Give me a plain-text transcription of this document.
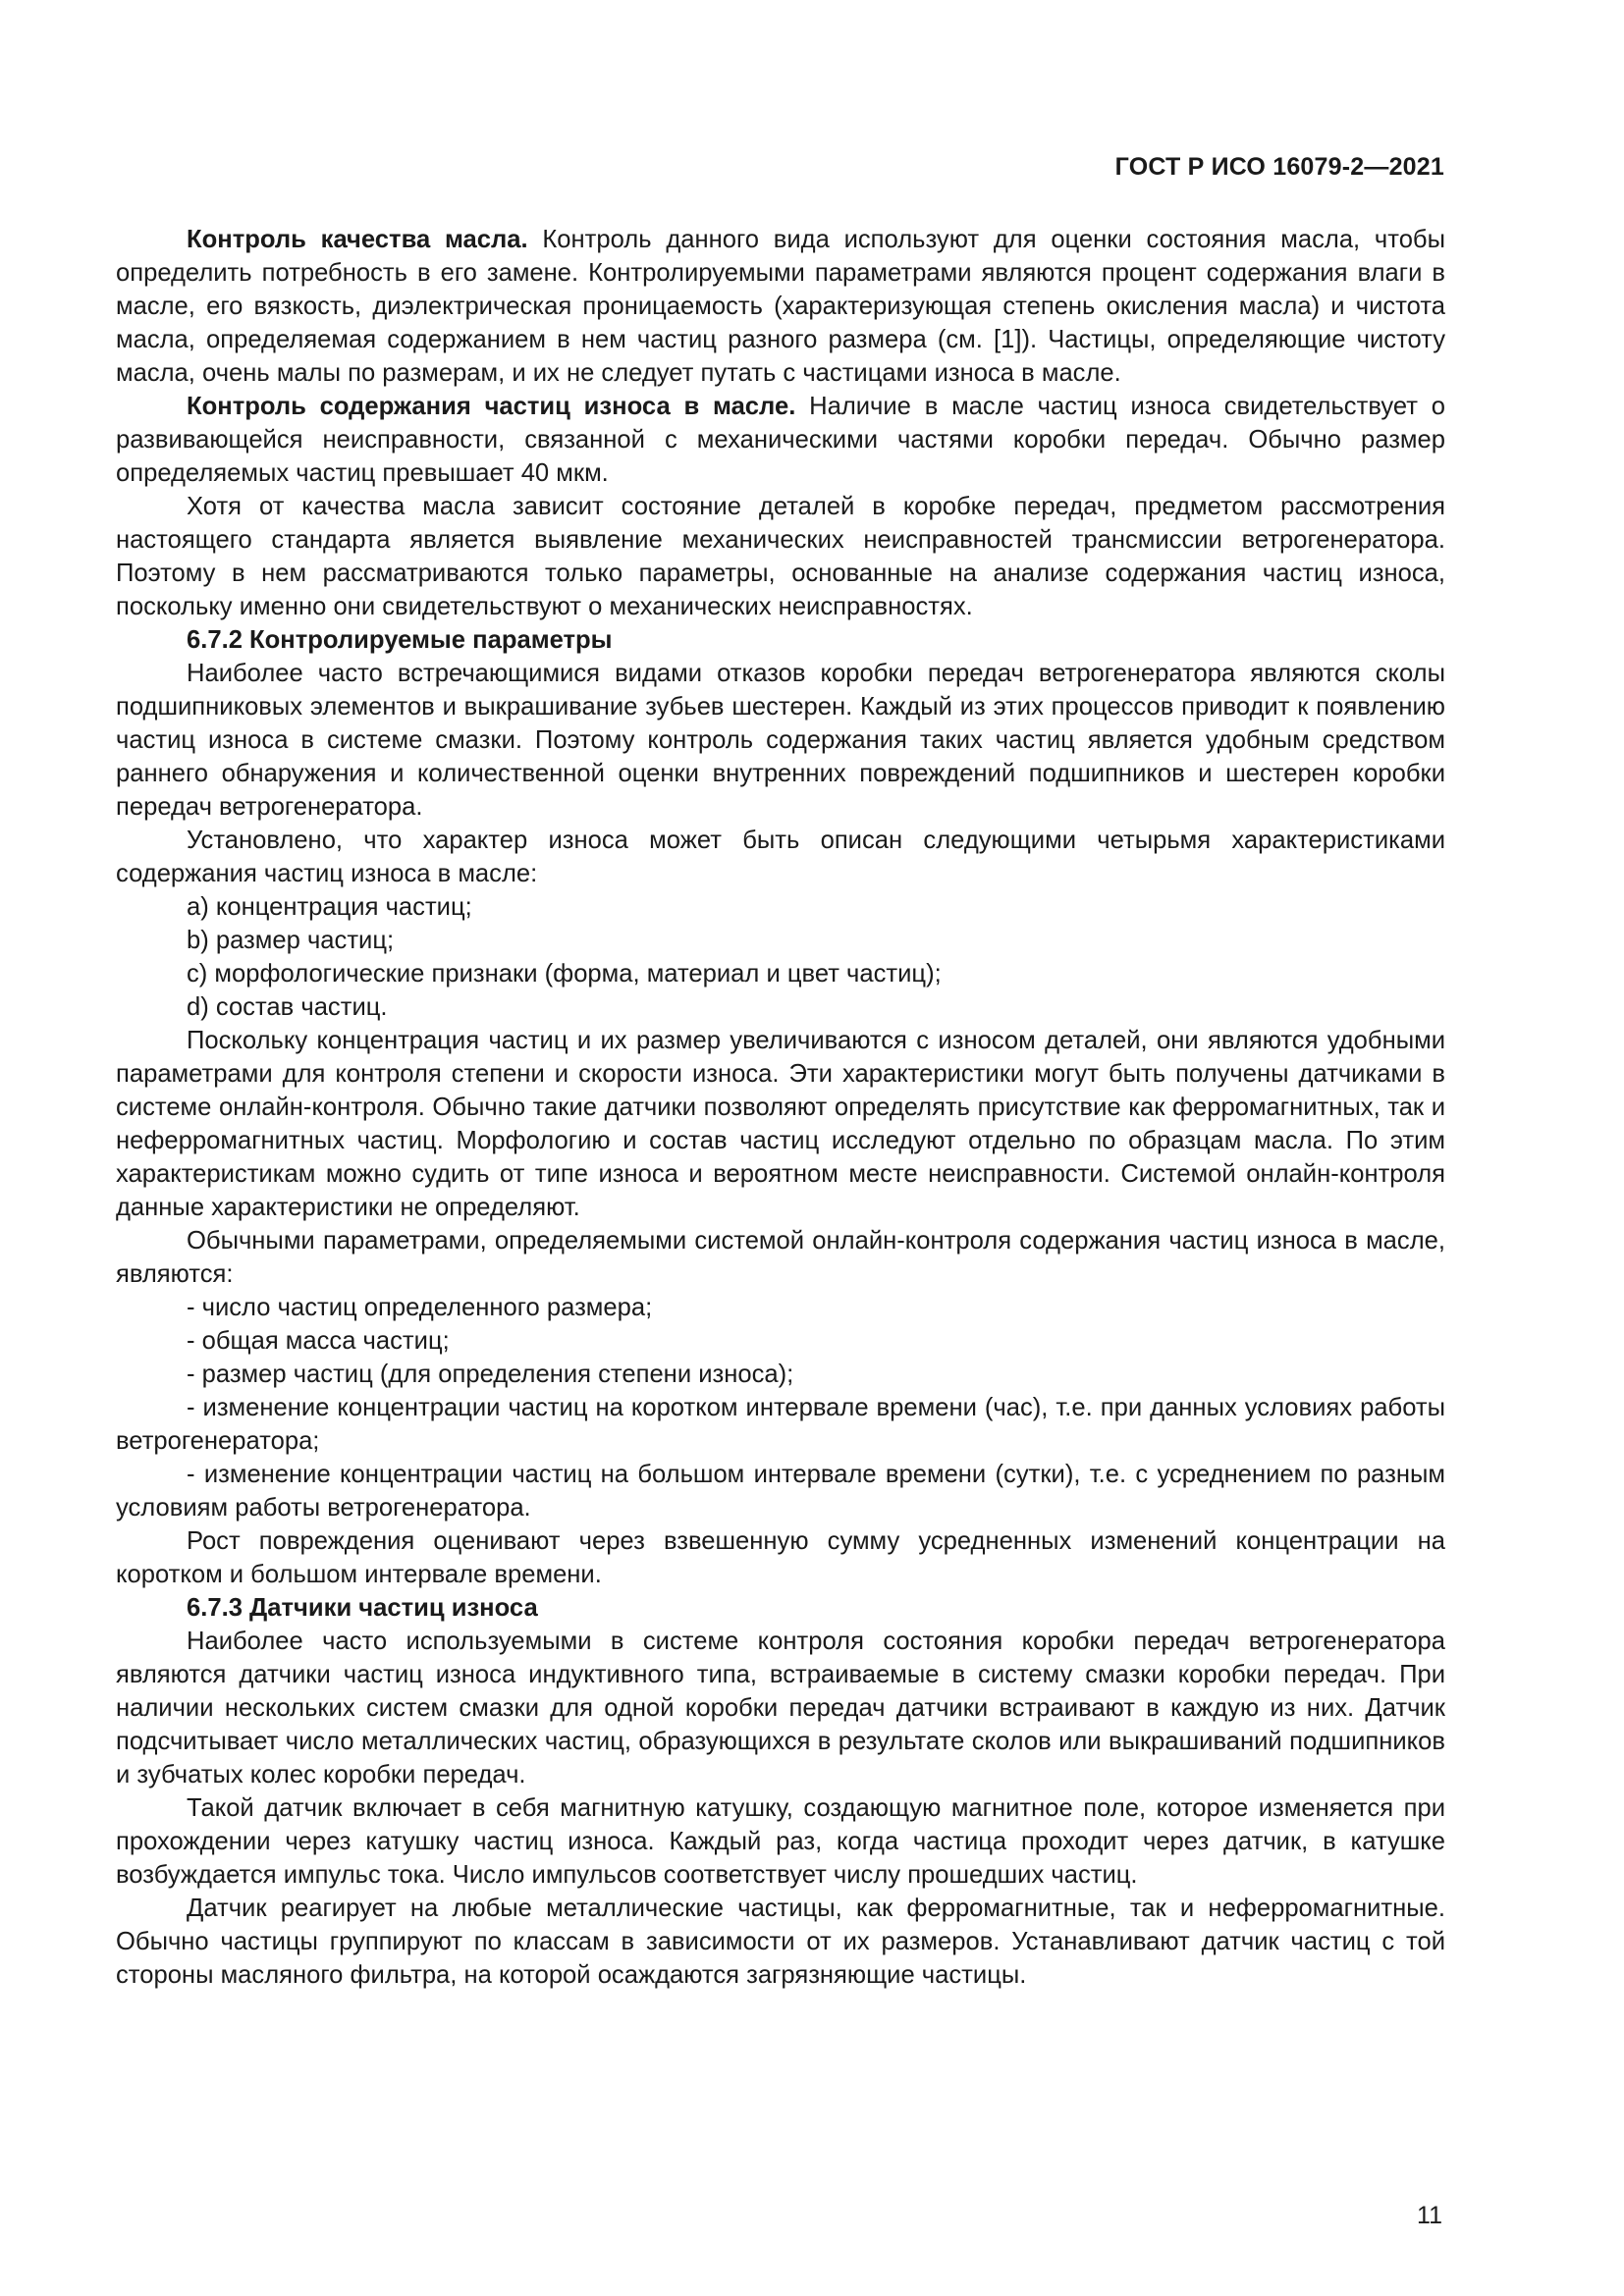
ГОСТ Р ИСО 16079-2—2021

Контроль качества масла. Контроль данного вида используют для оценки состояния масла, чтобы определить потребность в его замене. Контролируемыми параметрами являются процент содержания влаги в масле, его вязкость, диэлектрическая проницаемость (характеризующая степень окисления масла) и чистота масла, определяемая содержанием в нем частиц разного размера (см. [1]). Частицы, определяющие чистоту масла, очень малы по размерам, и их не следует путать с частицами износа в масле.

Контроль содержания частиц износа в масле. Наличие в масле частиц износа свидетельствует о развивающейся неисправности, связанной с механическими частями коробки передач. Обычно размер определяемых частиц превышает 40 мкм.

Хотя от качества масла зависит состояние деталей в коробке передач, предметом рассмотрения настоящего стандарта является выявление механических неисправностей трансмиссии ветрогенератора. Поэтому в нем рассматриваются только параметры, основанные на анализе содержания частиц износа, поскольку именно они свидетельствуют о механических неисправностях.

6.7.2 Контролируемые параметры

Наиболее часто встречающимися видами отказов коробки передач ветрогенератора являются сколы подшипниковых элементов и выкрашивание зубьев шестерен. Каждый из этих процессов приводит к появлению частиц износа в системе смазки. Поэтому контроль содержания таких частиц является удобным средством раннего обнаружения и количественной оценки внутренних повреждений подшипников и шестерен коробки передач ветрогенератора.

Установлено, что характер износа может быть описан следующими четырьмя характеристиками содержания частиц износа в масле:

a) концентрация частиц;

b) размер частиц;

c) морфологические признаки (форма, материал и цвет частиц);

d) состав частиц.

Поскольку концентрация частиц и их размер увеличиваются с износом деталей, они являются удобными параметрами для контроля степени и скорости износа. Эти характеристики могут быть получены датчиками в системе онлайн-контроля. Обычно такие датчики позволяют определять присутствие как ферромагнитных, так и неферромагнитных частиц. Морфологию и состав частиц исследуют отдельно по образцам масла. По этим характеристикам можно судить от типе износа и вероятном месте неисправности. Системой онлайн-контроля данные характеристики не определяют.

Обычными параметрами, определяемыми системой онлайн-контроля содержания частиц износа в масле, являются:

- число частиц определенного размера;

- общая масса частиц;

- размер частиц (для определения степени износа);

- изменение концентрации частиц на коротком интервале времени (час), т.е. при данных условиях работы ветрогенератора;

- изменение концентрации частиц на большом интервале времени (сутки), т.е. с усреднением по разным условиям работы ветрогенератора.

Рост повреждения оценивают через взвешенную сумму усредненных изменений концентрации на коротком и большом интервале времени.

6.7.3 Датчики частиц износа

Наиболее часто используемыми в системе контроля состояния коробки передач ветрогенератора являются датчики частиц износа индуктивного типа, встраиваемые в систему смазки коробки передач. При наличии нескольких систем смазки для одной коробки передач датчики встраивают в каждую из них. Датчик подсчитывает число металлических частиц, образующихся в результате сколов или выкрашиваний подшипников и зубчатых колес коробки передач.

Такой датчик включает в себя магнитную катушку, создающую магнитное поле, которое изменяется при прохождении через катушку частиц износа. Каждый раз, когда частица проходит через датчик, в катушке возбуждается импульс тока. Число импульсов соответствует числу прошедших частиц.

Датчик реагирует на любые металлические частицы, как ферромагнитные, так и неферромагнитные. Обычно частицы группируют по классам в зависимости от их размеров. Устанавливают датчик частиц с той стороны масляного фильтра, на которой осаждаются загрязняющие частицы.

11
